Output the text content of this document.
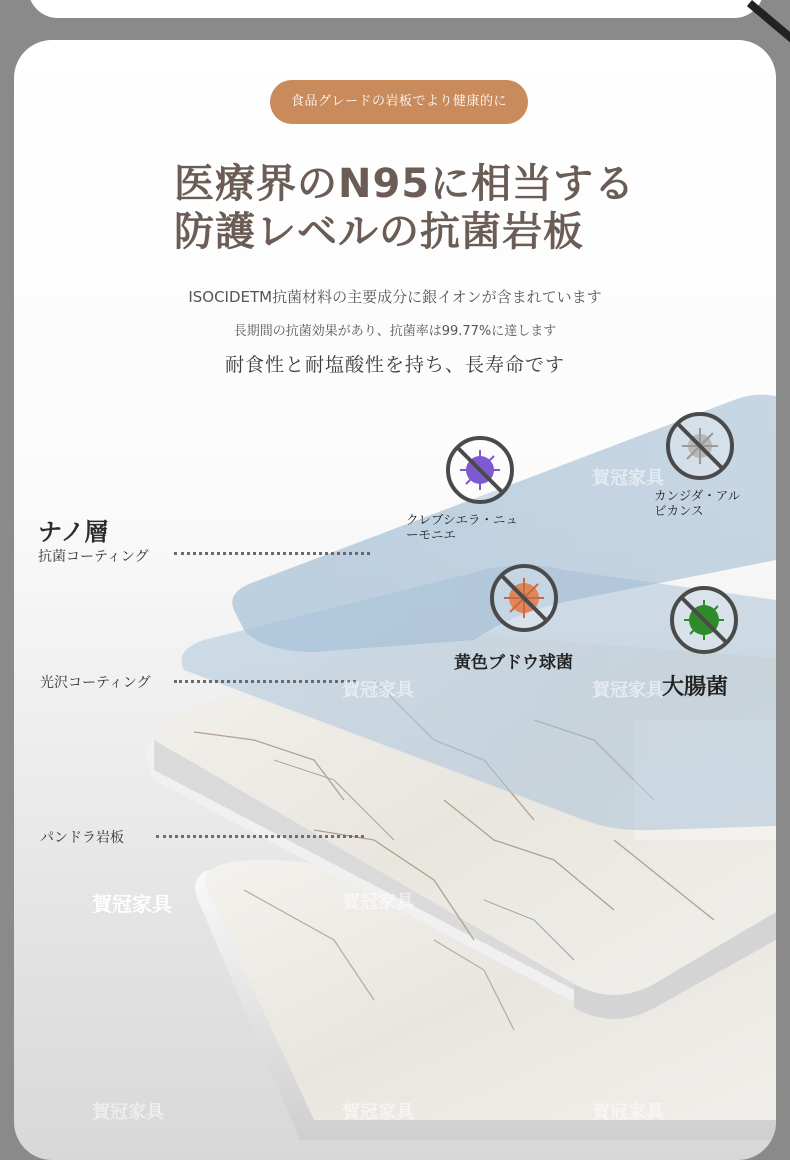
食品グレードの岩板でより健康的に
医療界のN95に相当する
防護レベルの抗菌岩板
ISOCIDETM抗菌材料の主要成分に銀イオンが含まれています
長期間の抗菌効果があり、抗菌率は99.77%に達します
耐食性と耐塩酸性を持ち、長寿命です
ナノ層
抗菌コーティング
光沢コーティング
パンドラ岩板
クレブシエラ・ニュ
ーモニエ
カンジダ・アル
ビカンス
黄色ブドウ球菌
大腸菌
賀冠家具
賀冠家具
賀冠家具	賀冠家具
賀冠家具
賀冠家具	賀冠家具	賀冠家具
